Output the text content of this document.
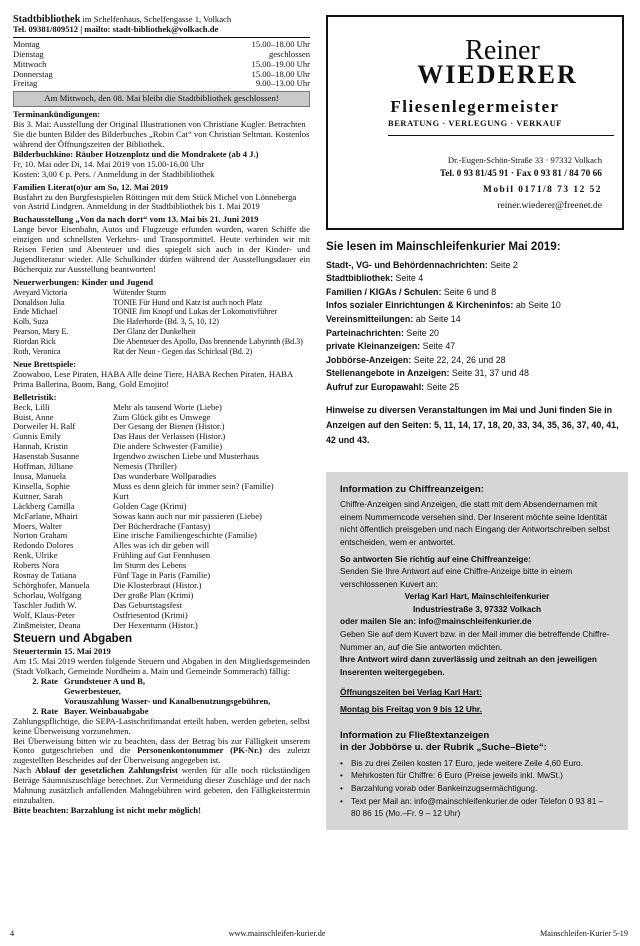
Stadtbibliothek im Schelfenhaus, Schelfengasse 1, Volkach

Tel. 09381/809512 | mailto: stadt-bibliothek@volkach.de

Montag	15.00–18.00 Uhr
Dienstag	geschlossen
Mittwoch	15.00–19.00 Uhr
Donnerstag	15.00–18.00 Uhr
Freitag	9.00–13.00 Uhr
Am Mittwoch, den 08. Mai bleibt die Stadtbibliothek geschlossen!

Terminankündigungen:

Bis 3. Mai: Ausstellung der Original Illustrationen von Christiane Kugler. Betrachten Sie die bunten Bilder des Bilderbuches „Robin Cat“ von Christian Seltman. Kostenlos während der Öffnungszeiten der Bibliothek.

Bilderbuchkino: Räuber Hotzenplotz und die Mondrakete (ab 4 J.)

Fr, 10. Mai oder Di, 14. Mai 2019 von 15.00-16.00 Uhr

Kosten: 3,00 € p. Pers. / Anmeldung in der Stadtbibliothek

Familien Literat(o)ur am So, 12. Mai 2019

Busfahrt zu den Burgfestspielen Röttingen mit dem Stück Michel von Lönneberga von Astrid Lindgren. Anmeldung in der Stadtbibliothek bis 1. Mai 2019

Buchausstellung „Von da nach dort“ vom 13. Mai bis 21. Juni 2019

Lange bevor Eisenbahn, Autos und Flugzeuge erfunden wurden, waren Schiffe die einzigen und schnellsten Verkehrs- und Transportmittel. Heute verbinden wir mit Reisen Ferien und Abenteuer und dies spiegelt sich auch in der Kinder- und Jugendliteratur wieder. Alle Schulkinder dürfen während der Ausstellungsdauer ein Bücherquiz zur Ausstellung beantworten!

Neuerwerbungen: Kinder und Jugend

Aveyard Victoria	Wütender Sturm
Donaldson Julia	TONIE Für Hund und Katz ist auch noch Platz
Ende Michael	TONIE Jim Knopf und Lukas der Lokomotivführer
Kolb, Suza	Die Haferhorde (Bd. 3, 5, 10, 12)
Pearson, Mary E.	Der Glanz der Dunkelheit
Riordan Rick	Die Abenteuer des Apollo, Das brennende Labyrinth (Bd.3)
Roth, Veronica	Rat der Neun - Gegen das Schicksal (Bd. 2)

Neue Brettspiele:

Zoowaboo, Lese Piraten, HABA Alle deine Tiere, HABA Rechen Piraten, HABA Prima Ballerina, Boom, Bang, Gold Emojito!

Belletristik:

Beck, Lilli	Mehr als tausend Worte (Liebe)
Buist, Anne	Zum Glück gibt es Umwege
Dorweiler H. Ralf	Der Gesang der Bienen (Histor.)
Gunnis Emily	Das Haus der Verlassen (Histor.)
Hannah, Kristin	Die andere Schwester (Familie)
Hasenstab Susanne	Irgendwo zwischen Liebe und Musterhaus
Hoffman, Jilliane	Nemesis (Thriller)
Inusa, Manuela	Das wunderbare Wollparadies
Kinsella, Sophie	Muss es denn gleich für immer sein? (Familie)
Kuttner, Sarah	Kurt
Läckberg Camilla	Golden Cage (Krimi)
McFarlane, Mhairi	Sowas kann auch nur mir passieren (Liebe)
Moers, Walter	Der Bücherdrache (Fantasy)
Norton Graham	Eine irische Familiengeschichte (Familie)
Redondo Dolores	Alles was ich dir geben will
Renk, Ulrike	Frühling auf Gut Fennhusen
Roberts Nora	Im Sturm des Lebens
Rosnay de Tatiana	Fünf Tage in Paris (Familie)
Schörghofer, Manuela	Die Klosterbraut (Histor.)
Schorlau, Wolfgang	Der große Plan (Krimi)
Taschler Judith W.	Das Geburtstagsfest
Wolf, Klaus-Peter	Ostfriesentod (Krimi)
Zinßmeister, Deana	Der Hexenturm (Histor.)
Steuern und Abgaben

Steuertermin 15. Mai 2019

Am 15. Mai 2019 werden folgende Steuern und Abgaben in den Mitgliedsgemeinden (Stadt Volkach, Gemeinde Nordheim a. Main und Gemeinde Sommerach) fällig:

2. Rate Grundsteuer A und B,
Gewerbesteuer,
Vorauszahlung Wasser- und Kanalbenutzungsgebühren,
2. Rate Bayer. Weinbauabgabe

Zahlungspflichtige, die SEPA-Lastschriftmandat erteilt haben, werden gebeten, selbst keine Überweisung vorzunehmen.

Bei Überweisung bitten wir zu beachten, dass der Betrag bis zur Fälligkeit unserem Konto gutgeschrieben und die Personenkontonummer (PK-Nr.) des zuletzt zugestellten Bescheides auf der Überweisung angegeben ist.

Nach Ablauf der gesetzlichen Zahlungsfrist werden für alle noch rückständigen Beträge Säumniszuschläge berechnet. Zur Vermeidung dieser Zuschläge und der nach Mahnung zusätzlich anfallenden Mahngebühren wird gebeten, den Fälligkeitstermin einzuhalten.

Bitte beachten: Barzahlung ist nicht mehr möglich!

Reiner
WIEDERER
Fliesenlegermeister
BERATUNG · VERLEGUNG · VERKAUF
Dr.-Eugen-Schön-Straße 33 · 97332 Volkach
Tel. 0 93 81/45 91 · Fax 0 93 81 / 84 70 66
Mobil 0171/8 73 12 52
reiner.wiederer@freenet.de
Sie lesen im Mainschleifenkurier Mai 2019:
Stadt-, VG- und Behördennachrichten: Seite 2
Stadtbibliothek: Seite 4
Familien / KIGAs / Schulen: Seite 6 und 8
Infos sozialer Einrichtungen & Kircheninfos: ab Seite 10
Vereinsmitteilungen: ab Seite 14
Parteinachrichten: Seite 20
private Kleinanzeigen: Seite 47
Jobbörse-Anzeigen: Seite 22, 24, 26 und 28
Stellenangebote in Anzeigen: Seite 31, 37 und 48
Aufruf zur Europawahl: Seite 25
Hinweise zu diversen Veranstaltungen im Mai und Juni finden Sie in Anzeigen auf den Seiten: 5, 11, 14, 17, 18, 20, 33, 34, 35, 36, 37, 40, 41, 42 und 43.
Information zu Chiffreanzeigen:

Chiffre-Anzeigen sind Anzeigen, die statt mit dem Absendernamen mit einem Nummerncode versehen sind. Der Inserent möchte seine Identität nicht öffentlich preisgeben und nach Eingang der Antwortschreiben selbst entscheiden, wem er antwortet.

So antworten Sie richtig auf eine Chiffreanzeige:

Senden Sie Ihre Antwort auf eine Chiffre-Anzeige bitte in einem verschlossenen Kuvert an:

Verlag Karl Hart, Mainschleifenkurier

Industriestraße 3, 97332 Volkach

oder mailen Sie an: info@mainschleifenkurier.de

Geben Sie auf dem Kuvert bzw. in der Mail immer die betreffende Chiffre-Nummer an, auf die Sie antworten möchten.

Ihre Antwort wird dann zuverlässig und zeitnah an den jeweiligen Inserenten weitergegeben.

Öffnungszeiten bei Verlag Karl Hart:

Montag bis Freitag von 9 bis 12 Uhr.

Information zu Fließtextanzeigen
in der Jobbörse u. der Rubrik „Suche–Biete“:
• Bis zu drei Zeilen kosten 17 Euro, jede weitere Zeile 4,60 Euro.
• Mehrkosten für Chiffre: 6 Euro (Preise jeweils inkl. MwSt.)
• Barzahlung vorab oder Bankeinzugsermächtigung.
• Text per Mail an: info@mainschleifenkurier.de oder Telefon 0 93 81 – 80 86 15 (Mo.–Fr. 9 – 12 Uhr)
4	www.mainschleifen-kurier.de	Mainschleifen-Kurier 5-19
